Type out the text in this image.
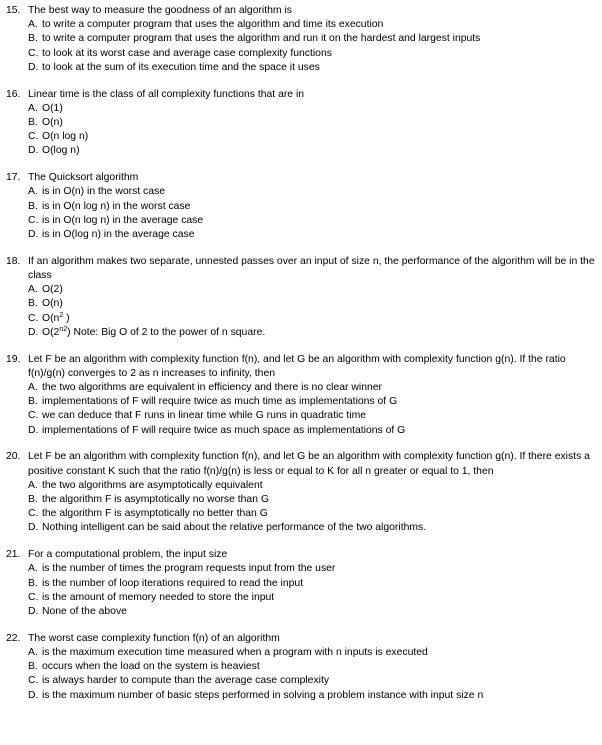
15. The best way to measure the goodness of an algorithm is
A. to write a computer program that uses the algorithm and time its execution
B. to write a computer program that uses the algorithm and run it on the hardest and largest inputs
C. to look at its worst case and average case complexity functions
D. to look at the sum of its execution time and the space it uses
16. Linear time is the class of all complexity functions that are in
A. O(1)
B. O(n)
C. O(n log n)
D. O(log n)
17. The Quicksort algorithm
A. is in O(n) in the worst case
B. is in O(n log n) in the worst case
C. is in O(n log n) in the average case
D. is in O(log n) in the average case
18. If an algorithm makes two separate, unnested passes over an input of size n, the performance of the algorithm will be in the class
A. O(2)
B. O(n)
C. $O(n^2$ )
D. $O(2^{n2})$ Note: Big O of 2 to the power of n square.
19. Let F be an algorithm with complexity function f(n), and let G be an algorithm with complexity function g(n). If the ratio f(n)/g(n) converges to 2 as n increases to infinity, then
A. the two algorithms are equivalent in efficiency and there is no clear winner
B. implementations of F will require twice as much time as implementations of G
C. we can deduce that F runs in linear time while G runs in quadratic time
D. implementations of F will require twice as much space as implementations of G
20. Let F be an algorithm with complexity function f(n), and let G be an algorithm with complexity function g(n). If there exists a positive constant K such that the ratio f(n)/g(n) is less or equal to K for all n greater or equal to 1, then
A. the two algorithms are asymptotically equivalent
B. the algorithm F is asymptotically no worse than G
C. the algorithm F is asymptotically no better than G
D. Nothing intelligent can be said about the relative performance of the two algorithms.
21. For a computational problem, the input size
A. is the number of times the program requests input from the user
B. is the number of loop iterations required to read the input
C. is the amount of memory needed to store the input
D. None of the above
22. The worst case complexity function f(n) of an algorithm
A. is the maximum execution time measured when a program with n inputs is executed
B. occurs when the load on the system is heaviest
C. is always harder to compute than the average case complexity
D. is the maximum number of basic steps performed in solving a problem instance with input size n
